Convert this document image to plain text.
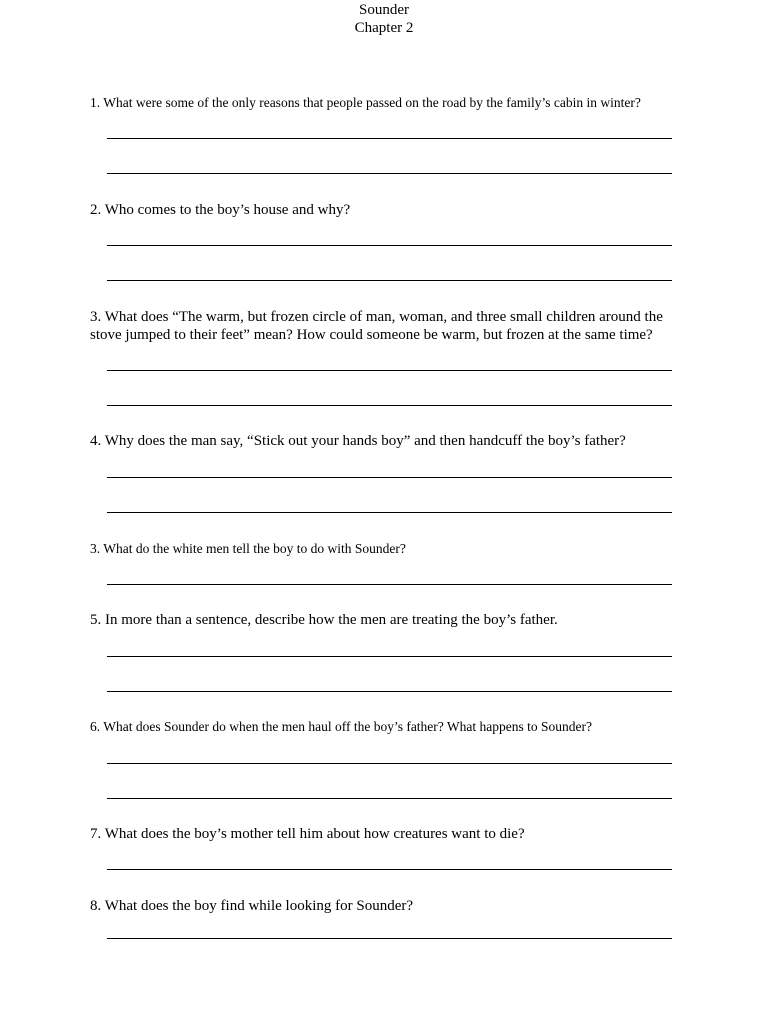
Sounder
Chapter 2
1. What were some of the only reasons that people passed on the road by the family’s cabin in winter?
2. Who comes to the boy’s house and why?
3. What does “The warm, but frozen circle of man, woman, and three small children around the
stove jumped to their feet” mean? How could someone be warm, but frozen at the same time?
4. Why does the man say, “Stick out your hands boy” and then handcuff the boy’s father?
3. What do the white men tell the boy to do with Sounder?
5. In more than a sentence, describe how the men are treating the boy’s father.
6. What does Sounder do when the men haul off the boy’s father? What happens to Sounder?
7. What does the boy’s mother tell him about how creatures want to die?
8. What does the boy find while looking for Sounder?
